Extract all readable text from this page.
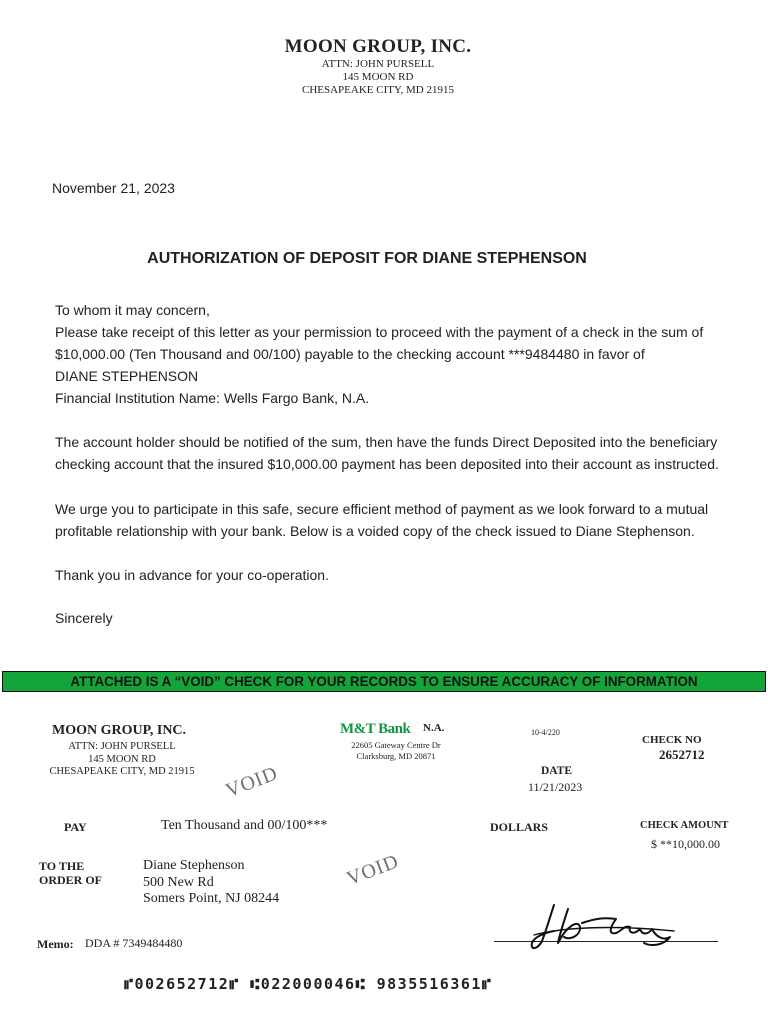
MOON GROUP, INC.
ATTN: JOHN PURSELL
145 MOON RD
CHESAPEAKE CITY, MD 21915
November 21, 2023
AUTHORIZATION OF DEPOSIT FOR DIANE STEPHENSON

To whom it may concern,

Please take receipt of this letter as your permission to proceed with the payment of a check in the sum of

$10,000.00 (Ten Thousand and 00/100) payable to the checking account ***9484480 in favor of

DIANE STEPHENSON

Financial Institution Name: Wells Fargo Bank, N.A.

The account holder should be notified of the sum, then have the funds Direct Deposited into the beneficiary

checking account that the insured $10,000.00 payment has been deposited into their account as instructed.

We urge you to participate in this safe, secure efficient method of payment as we look forward to a mutual

profitable relationship with your bank. Below is a voided copy of the check issued to Diane Stephenson.

Thank you in advance for your co-operation.
Sincerely
ATTACHED IS A “VOID” CHECK FOR YOUR RECORDS TO ENSURE ACCURACY OF INFORMATION
MOON GROUP, INC.
ATTN: JOHN PURSELL
145 MOON RD
CHESAPEAKE CITY, MD 21915
M&T Bank N.A.
22605 Gateway Centre Dr
Clarksburg, MD 20871
10-4/220
CHECK NO
2652712
DATE
11/21/2023
VOID
VOID
PAY	Ten Thousand and 00/100***	DOLLARS	CHECK AMOUNT
$ **10,000.00
TO THE
ORDER OF
Diane Stephenson
500 New Rd
Somers Point, NJ 08244
Memo: DDA # 7349484480
⑈002652712⑈ ⑆022000046⑆ 9835516361⑈
